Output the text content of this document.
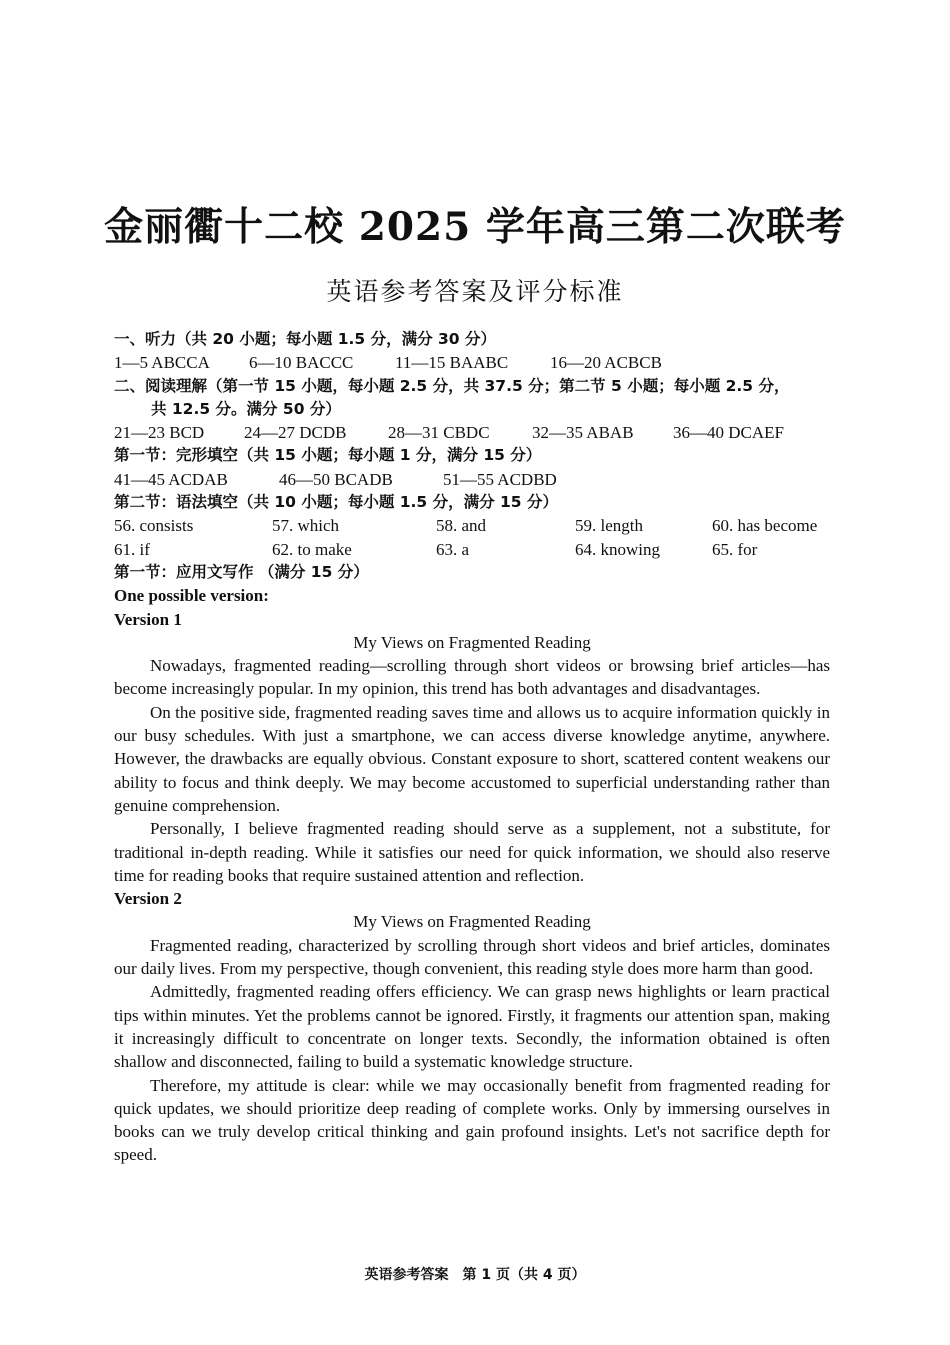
金丽衢十二校 2025 学年高三第二次联考
英语参考答案及评分标准
一、听力（共 20 小题；每小题 1.5 分，满分 30 分）
1—5 ABCCA	6—10 BACCC	11—15 BAABC	16—20 ACBCB
二、阅读理解（第一节 15 小题，每小题 2.5 分，共 37.5 分；第二节 5 小题；每小题 2.5 分，
共 12.5 分。满分 50 分）
21—23 BCD	24—27 DCDB	28—31 CBDC	32—35 ABAB	36—40 DCAEF
第一节：完形填空（共 15 小题；每小题 1 分，满分 15 分）
41—45 ACDAB	46—50 BCADB	51—55 ACDBD
第二节：语法填空（共 10 小题；每小题 1.5 分，满分 15 分）
56. consists	57. which	58. and	59. length	60. has become
61. if	62. to make	63. a	64. knowing	65. for
第一节：应用文写作 （满分 15 分）
One possible version:
Version 1
My Views on Fragmented Reading
Nowadays, fragmented reading—scrolling through short videos or browsing brief articles—has become increasingly popular. In my opinion, this trend has both advantages and disadvantages.
On the positive side, fragmented reading saves time and allows us to acquire information quickly in our busy schedules. With just a smartphone, we can access diverse knowledge anytime, anywhere. However, the drawbacks are equally obvious. Constant exposure to short, scattered content weakens our ability to focus and think deeply. We may become accustomed to superficial understanding rather than genuine comprehension.
Personally, I believe fragmented reading should serve as a supplement, not a substitute, for traditional in-depth reading. While it satisfies our need for quick information, we should also reserve time for reading books that require sustained attention and reflection.
Version 2
My Views on Fragmented Reading
Fragmented reading, characterized by scrolling through short videos and brief articles, dominates our daily lives. From my perspective, though convenient, this reading style does more harm than good.
Admittedly, fragmented reading offers efficiency. We can grasp news highlights or learn practical tips within minutes. Yet the problems cannot be ignored. Firstly, it fragments our attention span, making it increasingly difficult to concentrate on longer texts. Secondly, the information obtained is often shallow and disconnected, failing to build a systematic knowledge structure.
Therefore, my attitude is clear: while we may occasionally benefit from fragmented reading for quick updates, we should prioritize deep reading of complete works. Only by immersing ourselves in books can we truly develop critical thinking and gain profound insights. Let's not sacrifice depth for speed.
英语参考答案　第 1 页（共 4 页）
